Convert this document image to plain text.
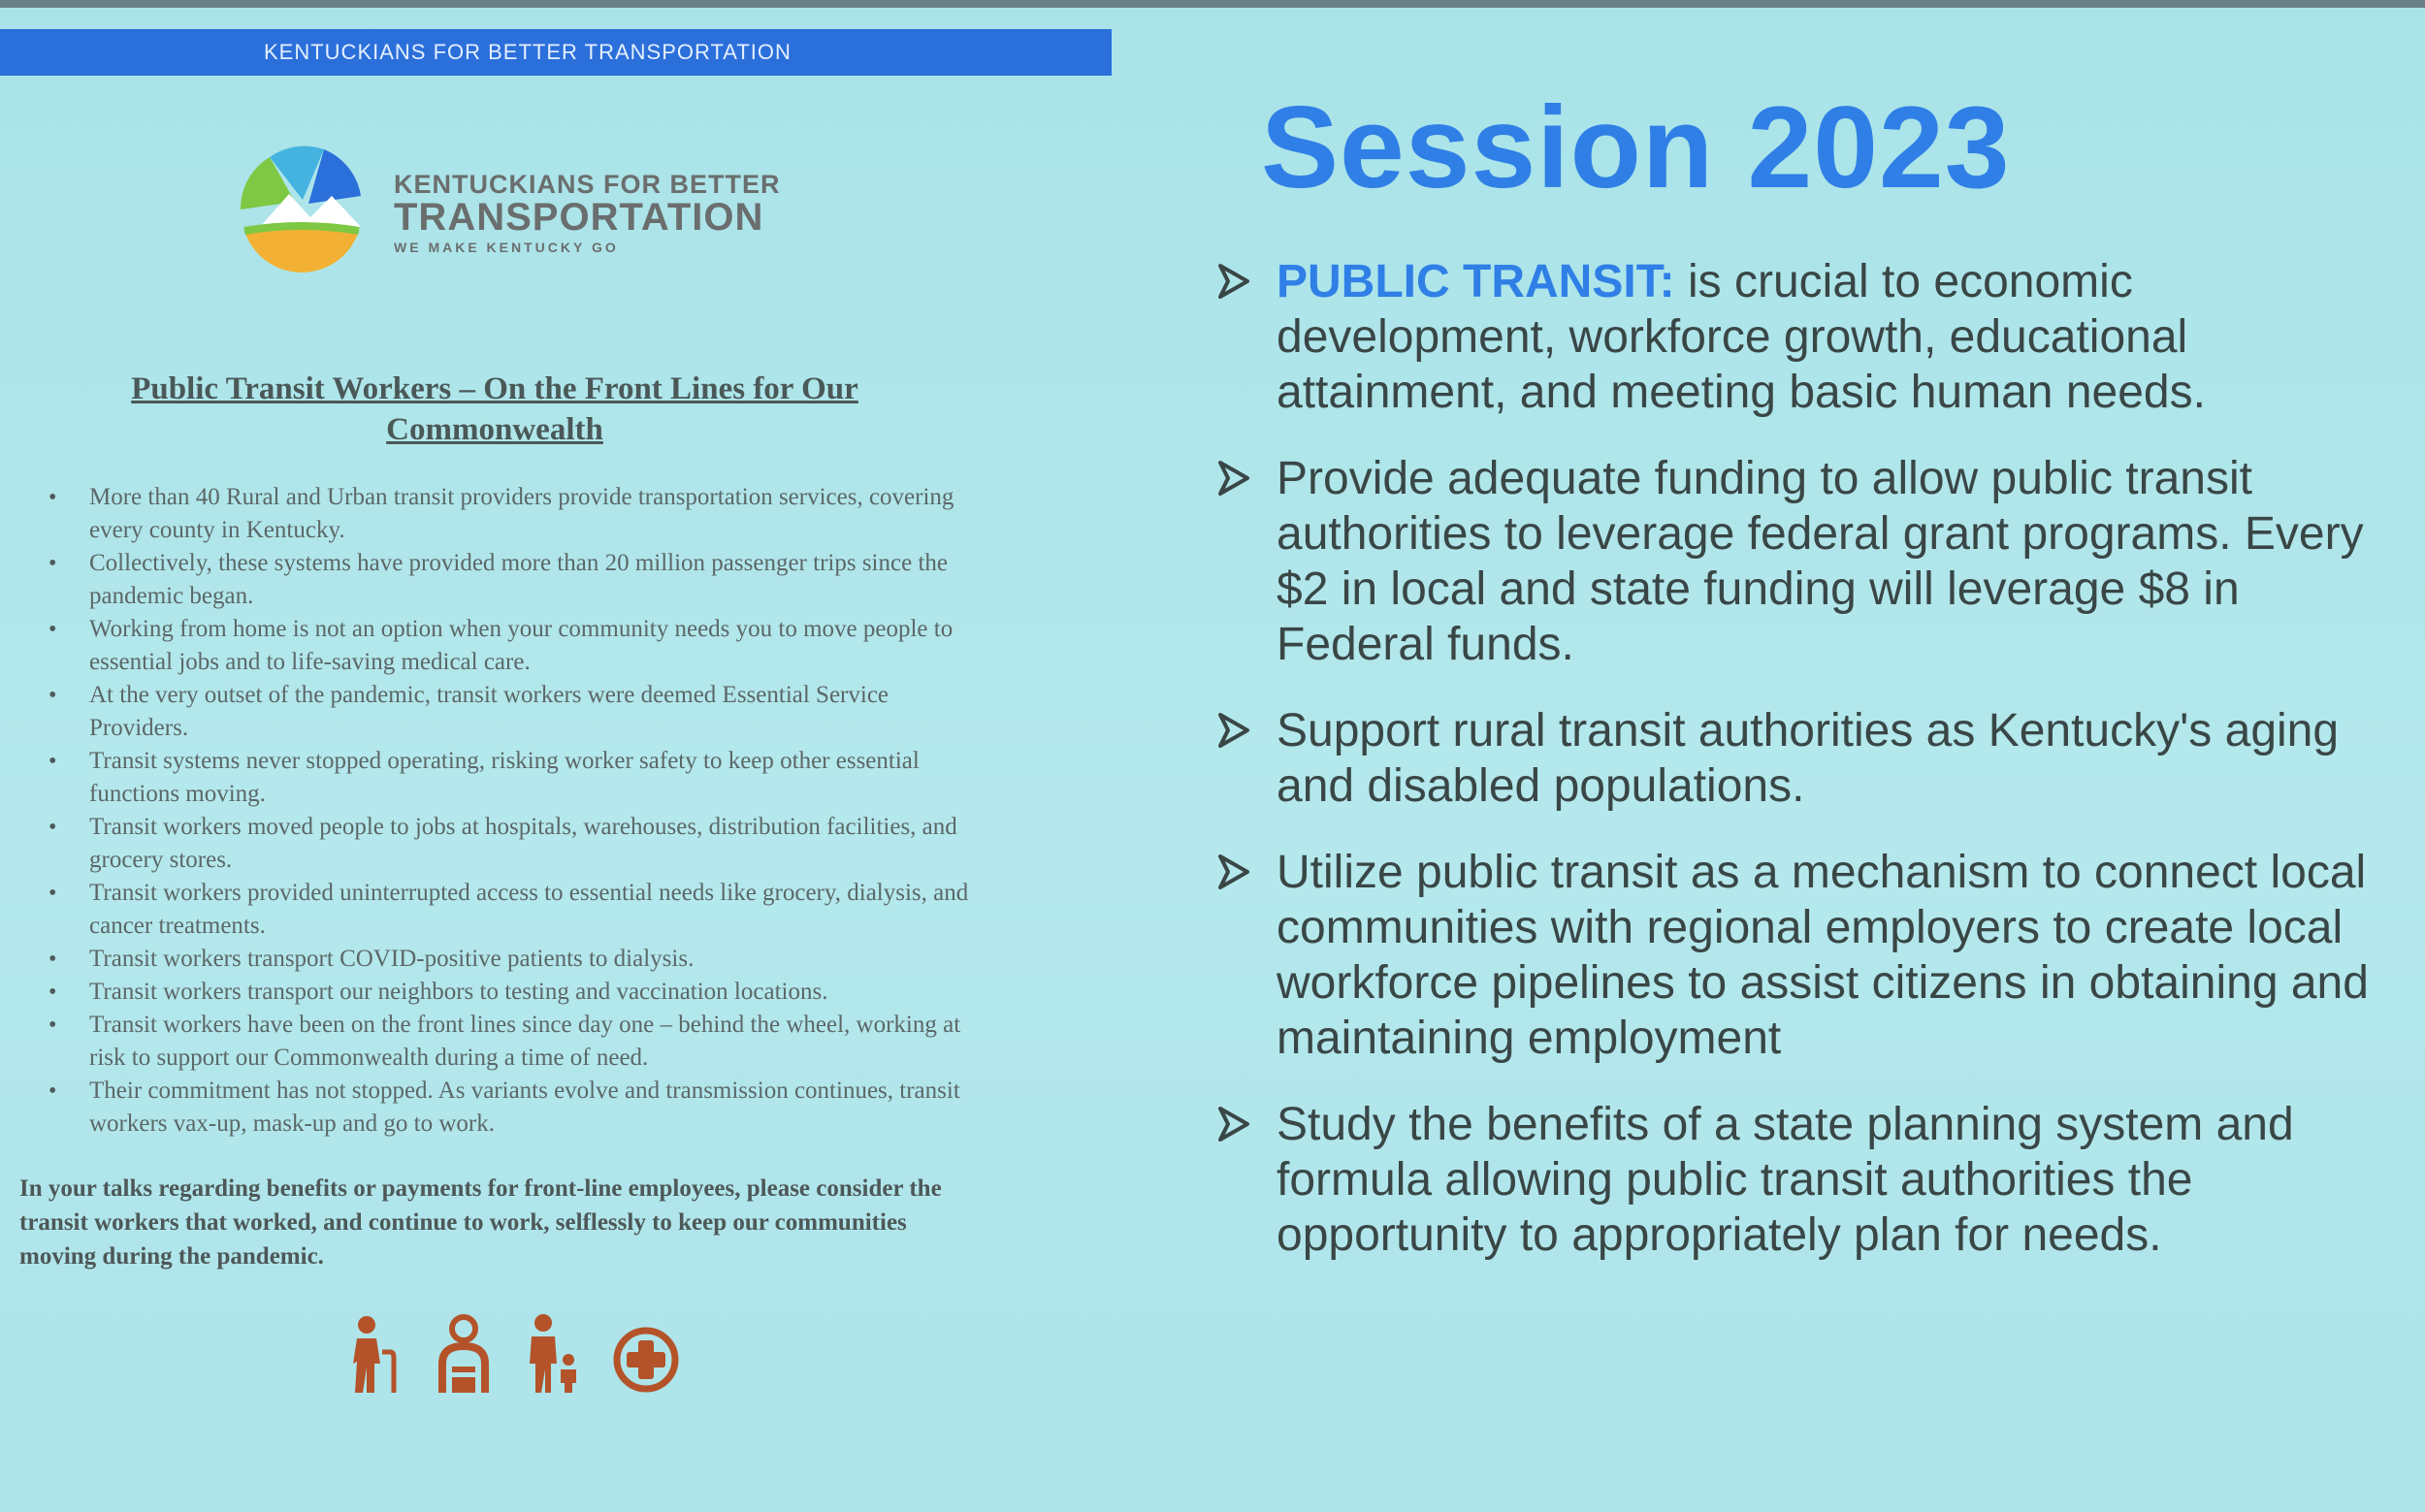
KENTUCKIANS FOR BETTER TRANSPORTATION
KENTUCKIANS FOR BETTER
TRANSPORTATION
WE MAKE KENTUCKY GO
Public Transit Workers – On the Front Lines for Our Commonwealth
• More than 40 Rural and Urban transit providers provide transportation services, covering every county in Kentucky.
• Collectively, these systems have provided more than 20 million passenger trips since the pandemic began.
• Working from home is not an option when your community needs you to move people to essential jobs and to life-saving medical care.
• At the very outset of the pandemic, transit workers were deemed Essential Service Providers.
• Transit systems never stopped operating, risking worker safety to keep other essential functions moving.
• Transit workers moved people to jobs at hospitals, warehouses, distribution facilities, and grocery stores.
• Transit workers provided uninterrupted access to essential needs like grocery, dialysis, and cancer treatments.
• Transit workers transport COVID-positive patients to dialysis.
• Transit workers transport our neighbors to testing and vaccination locations.
• Transit workers have been on the front lines since day one – behind the wheel, working at risk to support our Commonwealth during a time of need.
• Their commitment has not stopped. As variants evolve and transmission continues, transit workers vax-up, mask-up and go to work.
In your talks regarding benefits or payments for front-line employees, please consider the transit workers that worked, and continue to work, selflessly to keep our communities moving during the pandemic.
Session 2023
PUBLIC TRANSIT: is crucial to economic development, workforce growth, educational attainment, and meeting basic human needs.
Provide adequate funding to allow public transit authorities to leverage federal grant programs. Every $2 in local and state funding will leverage $8 in Federal funds.
Support rural transit authorities as Kentucky's aging and disabled populations.
Utilize public transit as a mechanism to connect local communities with regional employers to create local workforce pipelines to assist citizens in obtaining and maintaining employment
Study the benefits of a state planning system and formula allowing public transit authorities the opportunity to appropriately plan for needs.
